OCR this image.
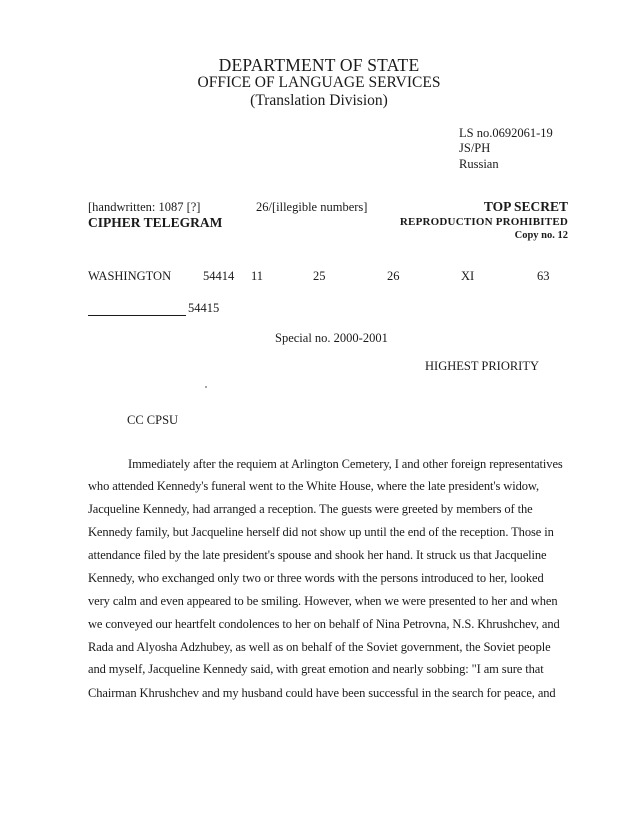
DEPARTMENT OF STATE
OFFICE OF LANGUAGE SERVICES
(Translation Division)
LS no.0692061-19
JS/PH
Russian
[handwritten: 1087 [?]	26/[illegible numbers]	TOP SECRET
CIPHER TELEGRAM	REPRODUCTION PROHIBITED
Copy no. 12
WASHINGTON	54414 11	25	26	XI	63
54415
Special no. 2000-2001
HIGHEST PRIORITY
CC CPSU
Immediately after the requiem at Arlington Cemetery, I and other foreign representatives
who attended Kennedy's funeral went to the White House, where the late president's widow,
Jacqueline Kennedy, had arranged a reception. The guests were greeted by members of the
Kennedy family, but Jacqueline herself did not show up until the end of the reception. Those in
attendance filed by the late president's spouse and shook her hand. It struck us that Jacqueline
Kennedy, who exchanged only two or three words with the persons introduced to her, looked
very calm and even appeared to be smiling. However, when we were presented to her and when
we conveyed our heartfelt condolences to her on behalf of Nina Petrovna, N.S. Khrushchev, and
Rada and Alyosha Adzhubey, as well as on behalf of the Soviet government, the Soviet people
and myself, Jacqueline Kennedy said, with great emotion and nearly sobbing: "I am sure that
Chairman Khrushchev and my husband could have been successful in the search for peace, and
